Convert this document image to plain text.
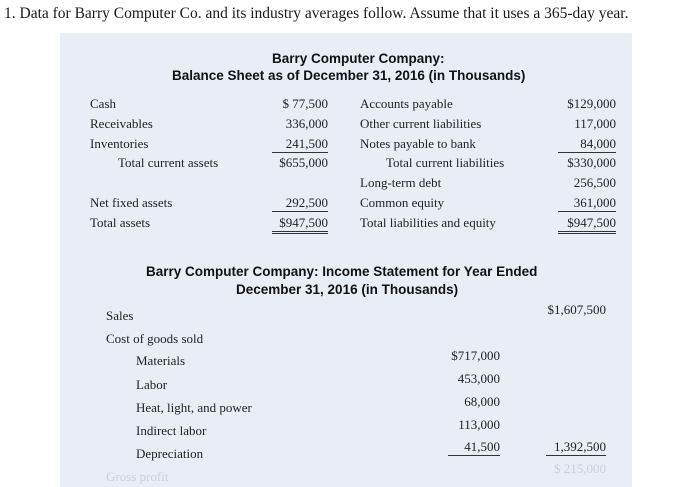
1. Data for Barry Computer Co. and its industry averages follow. Assume that it uses a 365-day year.
Barry Computer Company:
Balance Sheet as of December 31, 2016 (in Thousands)
Cash
Receivables
Inventories
Total current assets
Net fixed assets
Total assets
$ 77,500
336,000
241,500
$655,000
292,500
$947,500
Accounts payable
Other current liabilities
Notes payable to bank
Total current liabilities
Long-term debt
Common equity
Total liabilities and equity
$129,000
117,000
84,000
$330,000
256,500
361,000
$947,500
Barry Computer Company: Income Statement for Year Ended
December 31, 2016 (in Thousands)
Sales	$1,607,500
Cost of goods sold
Materials
Labor
Heat, light, and power
Indirect labor
Depreciation
$717,000
453,000
68,000
113,000
41,500	1,392,500
Gross profit
$ 215,000
